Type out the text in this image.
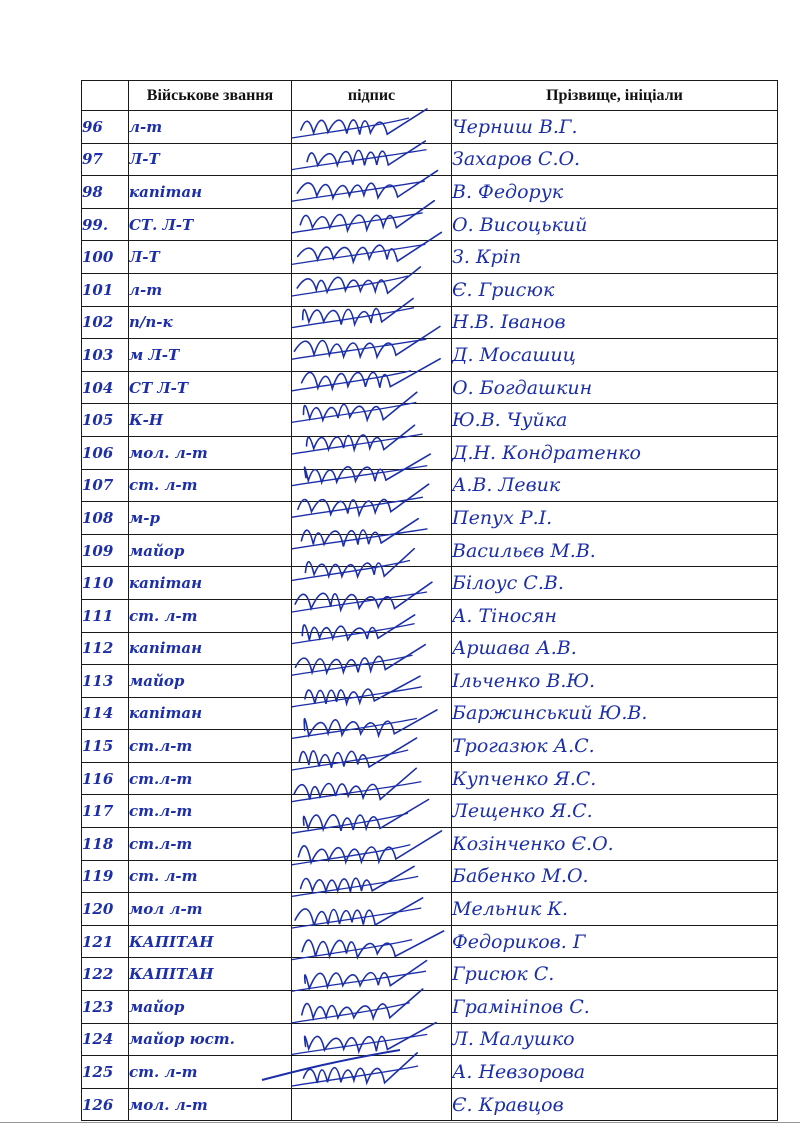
	Військове звання	підпис	Прізвище, ініціали
96	л-т		Черниш В.Г.
97	Л-Т		Захаров С.О.
98	капітан		В. Федорук
99.	СТ. Л-Т		О. Висоцький
100	Л-Т		З. Кріп
101	л-т		Є. Грисюк
102	п/п-к		Н.В. Іванов
103	м Л-Т		Д. Мосашиц
104	СТ Л-Т		О. Богдашкин
105	К-Н		Ю.В. Чуйка
106	мол. л-т		Д.Н. Кондратенко
107	ст. л-т		А.В. Левик
108	м-р		Пепух Р.І.
109	майор		Васильєв М.В.
110	капітан		Білоус С.В.
111	ст. л-т		А. Тіносян
112	капітан		Аршава А.В.
113	майор		Ільченко В.Ю.
114	капітан		Баржинський Ю.В.
115	ст.л-т		Трогазюк А.С.
116	ст.л-т		Купченко Я.С.
117	ст.л-т		Лещенко Я.С.
118	ст.л-т		Козінченко Є.О.
119	ст. л-т		Бабенко М.О.
120	мол л-т		Мельник К.
121	КАПІТАН		Федориков. Г
122	КАПІТАН		Грисюк С.
123	майор		Грамініпов С.
124	майор юст.		Л. Малушко
125	ст. л-т		А. Невзорова
126	мол. л-т		Є. Кравцов
